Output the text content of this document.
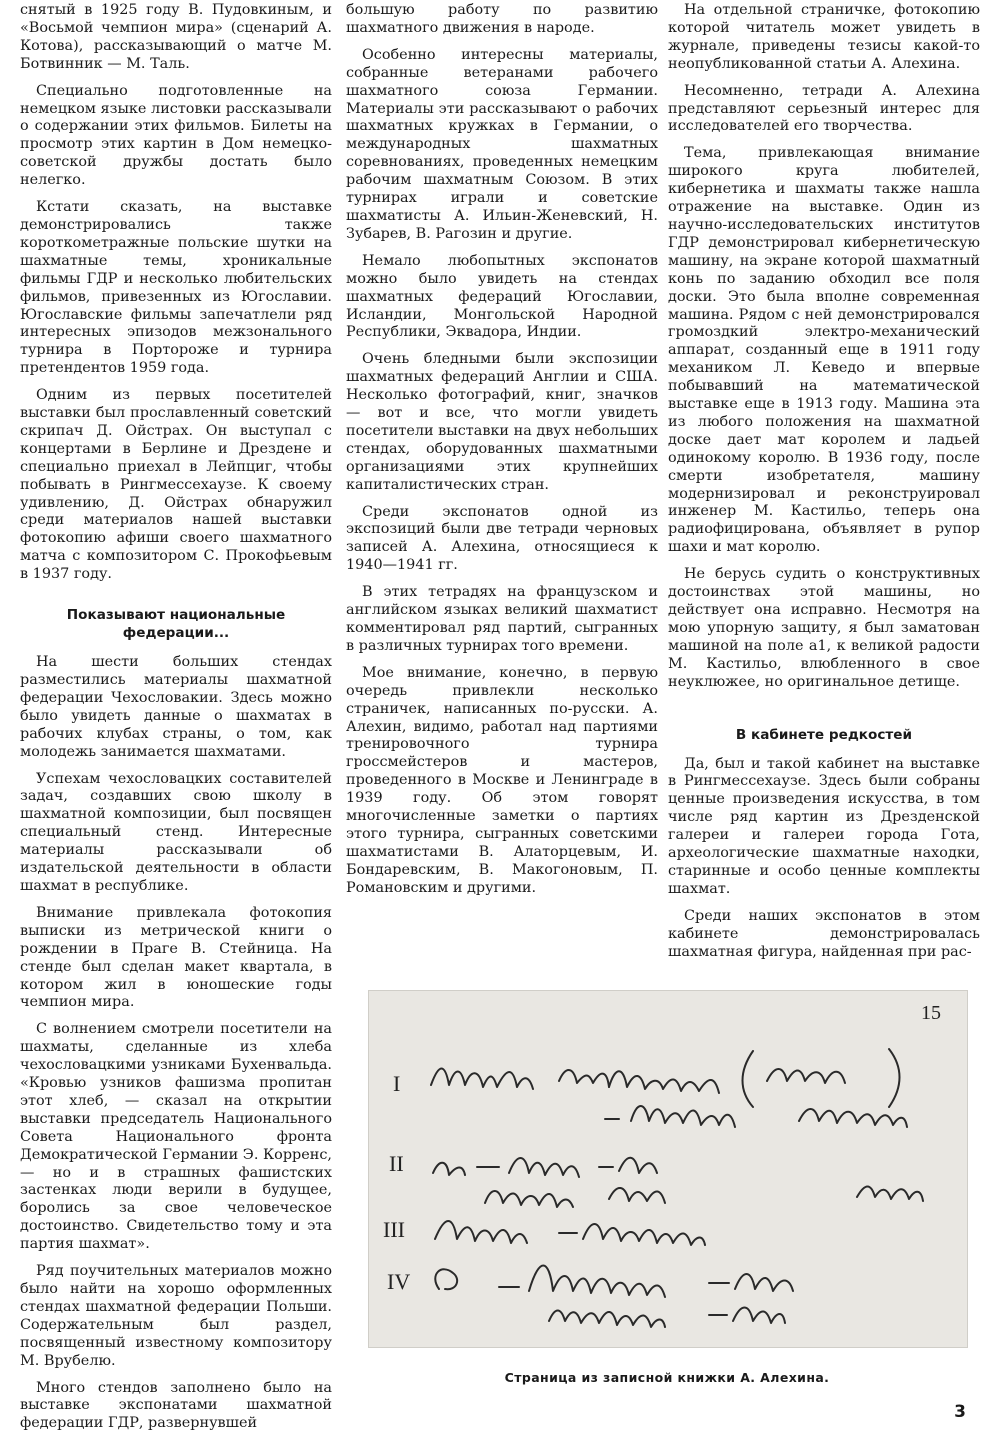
снятый в 1925 году В. Пудовкиным, и «Восьмой чемпион мира» (сценарий А. Котова), рассказывающий о матче М. Ботвинник — М. Таль.

Специально подготовленные на немецком языке листовки рассказывали о содержании этих фильмов. Билеты на просмотр этих картин в Дом немецко-советской дружбы достать было нелегко.

Кстати сказать, на выставке демонстрировались также короткометражные польские шутки на шахматные темы, хроникальные фильмы ГДР и несколько любительских фильмов, привезенных из Югославии. Югославские фильмы запечатлели ряд интересных эпизодов межзонального турнира в Портороже и турнира претендентов 1959 года.

Одним из первых посетителей выставки был прославленный советский скрипач Д. Ойстрах. Он выступал с концертами в Берлине и Дрездене и специально приехал в Лейпциг, чтобы побывать в Рингмессехаузе. К своему удивлению, Д. Ойстрах обнаружил среди материалов нашей выставки фотокопию афиши своего шахматного матча с композитором С. Прокофьевым в 1937 году.

Показывают национальные федерации...

На шести больших стендах разместились материалы шахматной федерации Чехословакии. Здесь можно было увидеть данные о шахматах в рабочих клубах страны, о том, как молодежь занимается шахматами.

Успехам чехословацких составителей задач, создавших свою школу в шахматной композиции, был посвящен специальный стенд. Интересные материалы рассказывали об издательской деятельности в области шахмат в республике.

Внимание привлекала фотокопия выписки из метрической книги о рождении в Праге В. Стейница. На стенде был сделан макет квартала, в котором жил в юношеские годы чемпион мира.

С волнением смотрели посетители на шахматы, сделанные из хлеба чехословацкими узниками Бухенвальда. «Кровью узников фашизма пропитан этот хлеб, — сказал на открытии выставки председатель Национального Совета Национального фронта Демократической Германии Э. Корренс, — но и в страшных фашистских застенках люди верили в будущее, боролись за свое человеческое достоинство. Свидетельство тому и эта партия шахмат».

Ряд поучительных материалов можно было найти на хорошо оформленных стендах шахматной федерации Польши. Содержательным был раздел, посвященный известному композитору М. Врубелю.

Много стендов заполнено было на выставке экспонатами шахматной федерации ГДР, развернувшей

большую работу по развитию шахматного движения в народе.

Особенно интересны материалы, собранные ветеранами рабочего шахматного союза Германии. Материалы эти рассказывают о рабочих шахматных кружках в Германии, о международных шахматных соревнованиях, проведенных немецким рабочим шахматным Союзом. В этих турнирах играли и советские шахматисты А. Ильин-Женевский, Н. Зубарев, В. Рагозин и другие.

Немало любопытных экспонатов можно было увидеть на стендах шахматных федераций Югославии, Исландии, Монгольской Народной Республики, Эквадора, Индии.

Очень бледными были экспозиции шахматных федераций Англии и США. Несколько фотографий, книг, значков — вот и все, что могли увидеть посетители выставки на двух небольших стендах, оборудованных шахматными организациями этих крупнейших капиталистических стран.

Среди экспонатов одной из экспозиций были две тетради черновых записей А. Алехина, относящиеся к 1940—1941 гг.

В этих тетрадях на французском и английском языках великий шахматист комментировал ряд партий, сыгранных в различных турнирах того времени.

Мое внимание, конечно, в первую очередь привлекли несколько страничек, написанных по-русски. А. Алехин, видимо, работал над партиями тренировочного турнира гроссмейстеров и мастеров, проведенного в Москве и Ленинграде в 1939 году. Об этом говорят многочисленные заметки о партиях этого турнира, сыгранных советскими шахматистами В. Алаторцевым, И. Бондаревским, В. Макогоновым, П. Романовским и другими.

На отдельной страничке, фотокопию которой читатель может увидеть в журнале, приведены тезисы какой-то неопубликованной статьи А. Алехина.

Несомненно, тетради А. Алехина представляют серьезный интерес для исследователей его творчества.

Тема, привлекающая внимание широкого круга любителей, кибернетика и шахматы также нашла отражение на выставке. Один из научно-исследовательских институтов ГДР демонстрировал кибернетическую машину, на экране которой шахматный конь по заданию обходил все поля доски. Это была вполне современная машина. Рядом с ней демонстрировался громоздкий электро-механический аппарат, созданный еще в 1911 году механиком Л. Кеведо и впервые побывавший на математической выставке еще в 1913 году. Машина эта из любого положения на шахматной доске дает мат королем и ладьей одинокому королю. В 1936 году, после смерти изобретателя, машину модернизировал и реконструировал инженер М. Кастильо, теперь она радиофицирована, объявляет в рупор шахи и мат королю.

Не берусь судить о конструктивных достоинствах этой машины, но действует она исправно. Несмотря на мою упорную защиту, я был заматован машиной на поле а1, к великой радости М. Кастильо, влюбленного в свое неуклюжее, но оригинальное детище.

В кабинете редкостей

Да, был и такой кабинет на выставке в Рингмессехаузе. Здесь были собраны ценные произведения искусства, в том числе ряд картин из Дрезденской галереи и галереи города Гота, археологические шахматные находки, старинные и особо ценные комплекты шахмат.

Среди наших экспонатов в этом кабинете демонстрировалась шахматная фигура, найденная при рас-

15
I
II
III
IV
Страница из записной книжки А. Алехина.
3
